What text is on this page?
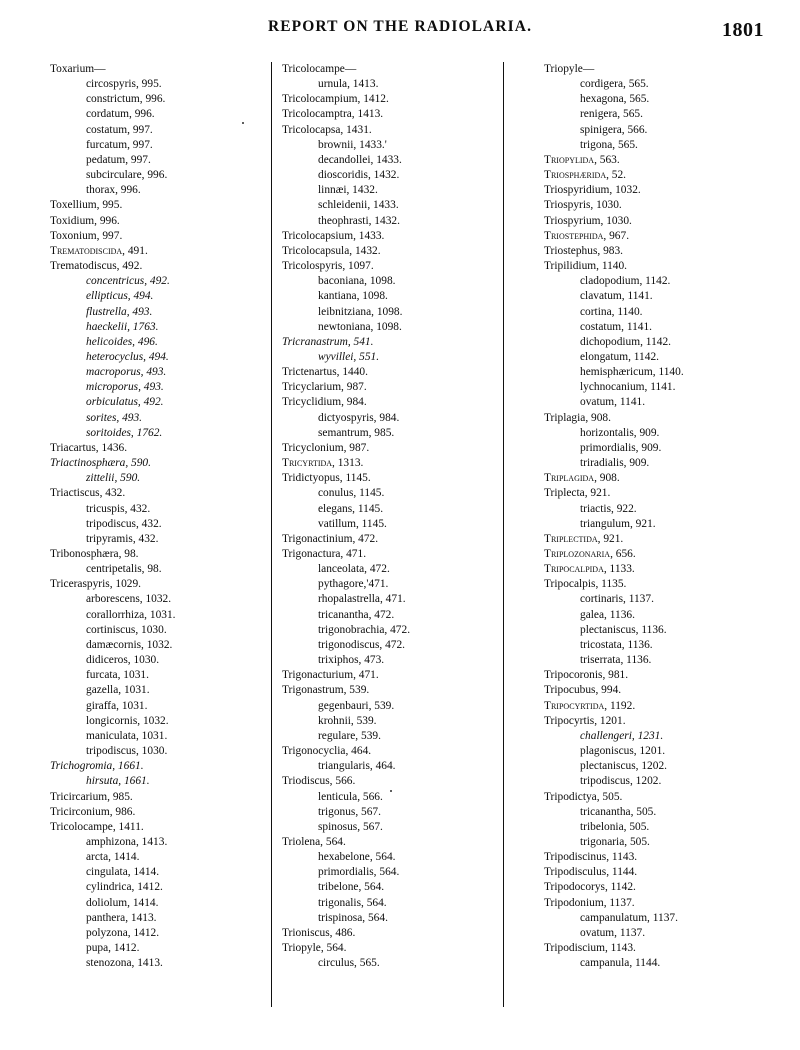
REPORT ON THE RADIOLARIA.	1801
Toxarium—
circospyris, 995.
constrictum, 996.
cordatum, 996.
costatum, 997.
furcatum, 997.
pedatum, 997.
subcirculare, 996.
thorax, 996.
Toxellium, 995.
Toxidium, 996.
Toxonium, 997.
Trematodiscida, 491.
Trematodiscus, 492.
concentricus, 492.
ellipticus, 494.
flustrella, 493.
haeckelii, 1763.
helicoides, 496.
heterocyclus, 494.
macroporus, 493.
microporus, 493.
orbiculatus, 492.
sorites, 493.
soritoides, 1762.
Triacartus, 1436.
Triactinosphæra, 590.
zittelii, 590.
Triactiscus, 432.
tricuspis, 432.
tripodiscus, 432.
tripyramis, 432.
Tribonosphæra, 98.
centripetalis, 98.
Triceraspyris, 1029.
arborescens, 1032.
corallorrhiza, 1031.
cortiniscus, 1030.
damæcornis, 1032.
didiceros, 1030.
furcata, 1031.
gazella, 1031.
giraffa, 1031.
longicornis, 1032.
maniculata, 1031.
tripodiscus, 1030.
Trichogromia, 1661.
hirsuta, 1661.
Tricircarium, 985.
Tricirconium, 986.
Tricolocampe, 1411.
amphizona, 1413.
arcta, 1414.
cingulata, 1414.
cylindrica, 1412.
doliolum, 1414.
panthera, 1413.
polyzona, 1412.
pupa, 1412.
stenozona, 1413.
Tricolocampe—
urnula, 1413.
Tricolocampium, 1412.
Tricolocamptra, 1413.
Tricolocapsa, 1431.
brownii, 1433.'
decandollei, 1433.
dioscoridis, 1432.
linnæi, 1432.
schleidenii, 1433.
theophrasti, 1432.
Tricolocapsium, 1433.
Tricolocapsula, 1432.
Tricolospyris, 1097.
baconiana, 1098.
kantiana, 1098.
leibnitziana, 1098.
newtoniana, 1098.
Tricranastrum, 541.
wyvillei, 551.
Trictenartus, 1440.
Tricyclarium, 987.
Tricyclidium, 984.
dictyospyris, 984.
semantrum, 985.
Tricyclonium, 987.
Tricyrtida, 1313.
Tridictyopus, 1145.
conulus, 1145.
elegans, 1145.
vatillum, 1145.
Trigonactinium, 472.
Trigonactura, 471.
lanceolata, 472.
pythagore,'471.
rhopalastrella, 471.
tricanantha, 472.
trigonobrachia, 472.
trigonodiscus, 472.
trixiphos, 473.
Trigonacturium, 471.
Trigonastrum, 539.
gegenbauri, 539.
krohnii, 539.
regulare, 539.
Trigonocyclia, 464.
triangularis, 464.
Triodiscus, 566.
lenticula, 566.
trigonus, 567.
spinosus, 567.
Triolena, 564.
hexabelone, 564.
primordialis, 564.
tribelone, 564.
trigonalis, 564.
trispinosa, 564.
Trioniscus, 486.
Triopyle, 564.
circulus, 565.
Triopyle—
cordigera, 565.
hexagona, 565.
renigera, 565.
spinigera, 566.
trigona, 565.
Triopylida, 563.
Triosphærida, 52.
Triospyridium, 1032.
Triospyris, 1030.
Triospyrium, 1030.
Triostephida, 967.
Triostephus, 983.
Tripilidium, 1140.
cladopodium, 1142.
clavatum, 1141.
cortina, 1140.
costatum, 1141.
dichopodium, 1142.
elongatum, 1142.
hemisphæricum, 1140.
lychnocanium, 1141.
ovatum, 1141.
Triplagia, 908.
horizontalis, 909.
primordialis, 909.
triradialis, 909.
Triplagida, 908.
Triplecta, 921.
triactis, 922.
triangulum, 921.
Triplectida, 921.
Triplozonaria, 656.
Tripocalpida, 1133.
Tripocalpis, 1135.
cortinaris, 1137.
galea, 1136.
plectaniscus, 1136.
tricostata, 1136.
triserrata, 1136.
Tripocoronis, 981.
Tripocubus, 994.
Tripocyrtida, 1192.
Tripocyrtis, 1201.
challengeri, 1231.
plagoniscus, 1201.
plectaniscus, 1202.
tripodiscus, 1202.
Tripodictya, 505.
tricanantha, 505.
tribelonia, 505.
trigonaria, 505.
Tripodiscinus, 1143.
Tripodisculus, 1144.
Tripodocorys, 1142.
Tripodonium, 1137.
campanulatum, 1137.
ovatum, 1137.
Tripodiscium, 1143.
campanula, 1144.
